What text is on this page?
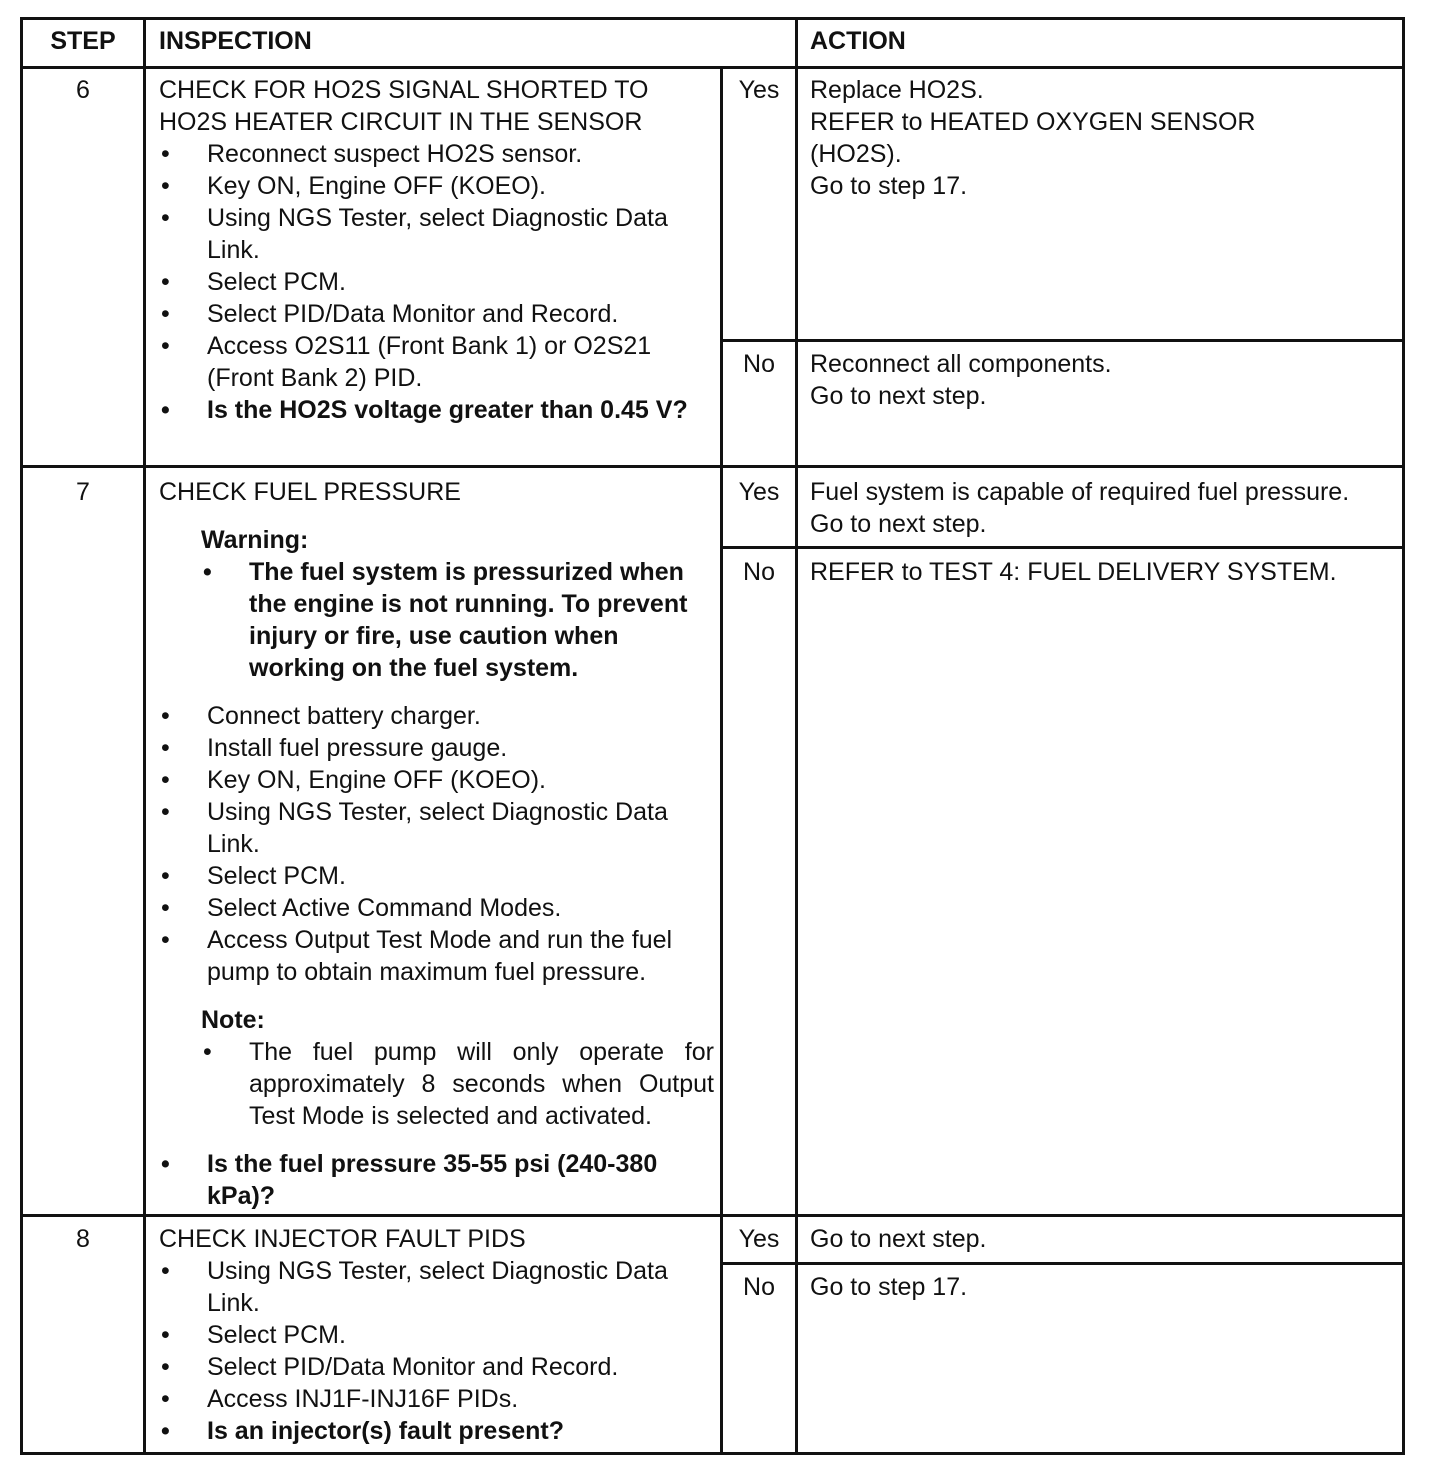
STEP	INSPECTION	ACTION
6	CHECK FOR HO2S SIGNAL SHORTED TO
HO2S HEATER CIRCUIT IN THE SENSOR
• Reconnect suspect HO2S sensor.
• Key ON, Engine OFF (KOEO).
• Using NGS Tester, select Diagnostic Data Link.
• Select PCM.
• Select PID/Data Monitor and Record.
• Access O2S11 (Front Bank 1) or O2S21 (Front Bank 2) PID.
• Is the HO2S voltage greater than 0.45 V?
Yes	Replace HO2S.
REFER to HEATED OXYGEN SENSOR (HO2S).
Go to step 17.
No	Reconnect all components.
Go to next step.
7	CHECK FUEL PRESSURE
Warning:
• The fuel system is pressurized when the engine is not running. To prevent injury or fire, use caution when working on the fuel system.
• Connect battery charger.
• Install fuel pressure gauge.
• Key ON, Engine OFF (KOEO).
• Using NGS Tester, select Diagnostic Data Link.
• Select PCM.
• Select Active Command Modes.
• Access Output Test Mode and run the fuel pump to obtain maximum fuel pressure.
Note:
• The fuel pump will only operate for approximately 8 seconds when Output Test Mode is selected and activated.
• Is the fuel pressure 35-55 psi (240-380 kPa)?
Yes	Fuel system is capable of required fuel pressure.
Go to next step.
No	REFER to TEST 4: FUEL DELIVERY SYSTEM.
8	CHECK INJECTOR FAULT PIDS
• Using NGS Tester, select Diagnostic Data Link.
• Select PCM.
• Select PID/Data Monitor and Record.
• Access INJ1F-INJ16F PIDs.
• Is an injector(s) fault present?
Yes	Go to next step.
No	Go to step 17.
